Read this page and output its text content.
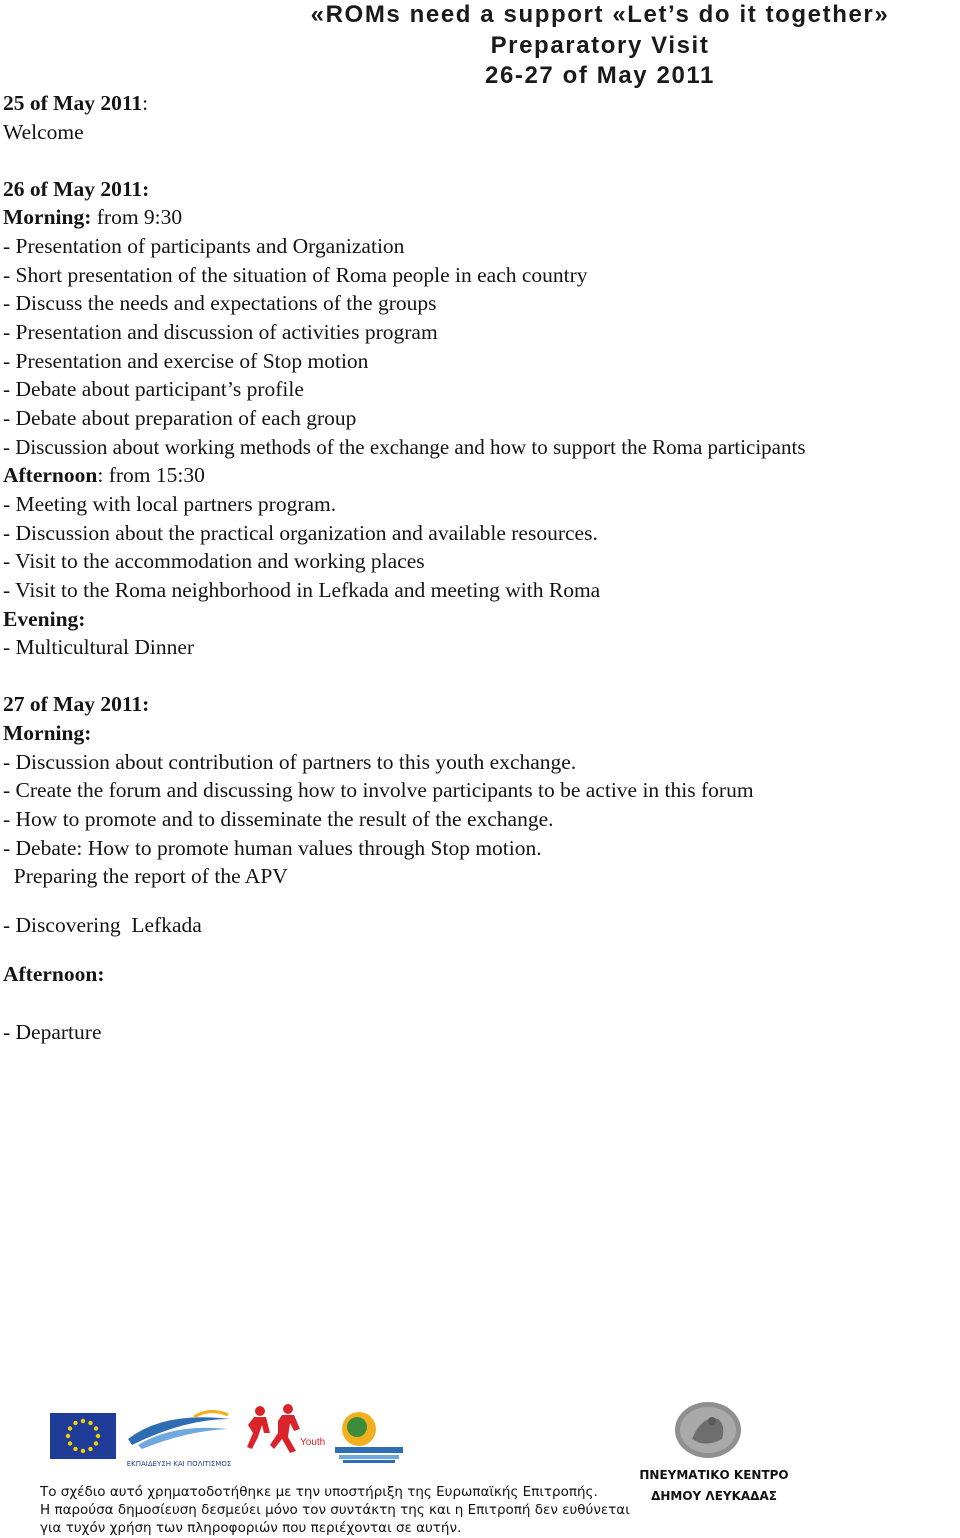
«ROMs need a support «Let’s do it together»
Preparatory Visit
26-27 of May 2011
25 of May 2011:
Welcome
26 of May 2011:
Morning: from 9:30
- Presentation of participants and Organization
- Short presentation of the situation of Roma people in each country
- Discuss the needs and expectations of the groups
- Presentation and discussion of activities program
- Presentation and exercise of Stop motion
- Debate about participant’s profile
- Debate about preparation of each group
- Discussion about working methods of the exchange and how to support the Roma participants
Afternoon: from 15:30
- Meeting with local partners program.
- Discussion about the practical organization and available resources.
- Visit to the accommodation and working places
- Visit to the Roma neighborhood in Lefkada and meeting with Roma
Evening:
- Multicultural Dinner
27 of May 2011:
Morning:
- Discussion about contribution of partners to this youth exchange.
- Create the forum and discussing how to involve participants to be active in this forum
- How to promote and to disseminate the result of the exchange.
- Debate: How to promote human values through Stop motion.
Preparing the report of the APV
- Discovering  Lefkada
Afternoon:
- Departure
ΕΚΠΑΙΔΕΥΣΗ ΚΑΙ ΠΟΛΙΤΙΣΜΟΣ
Youth
Το σχέδιο αυτό χρηματοδοτήθηκε με την υποστήριξη της Ευρωπαϊκής Επιτροπής.
Η παρούσα δημοσίευση δεσμεύει μόνο τον συντάκτη της και η Επιτροπή δεν ευθύνεται
για τυχόν χρήση των πληροφοριών που περιέχονται σε αυτήν.
ΠΝΕΥΜΑΤΙΚΟ ΚΕΝΤΡΟ
ΔΗΜΟΥ ΛΕΥΚΑΔΑΣ
